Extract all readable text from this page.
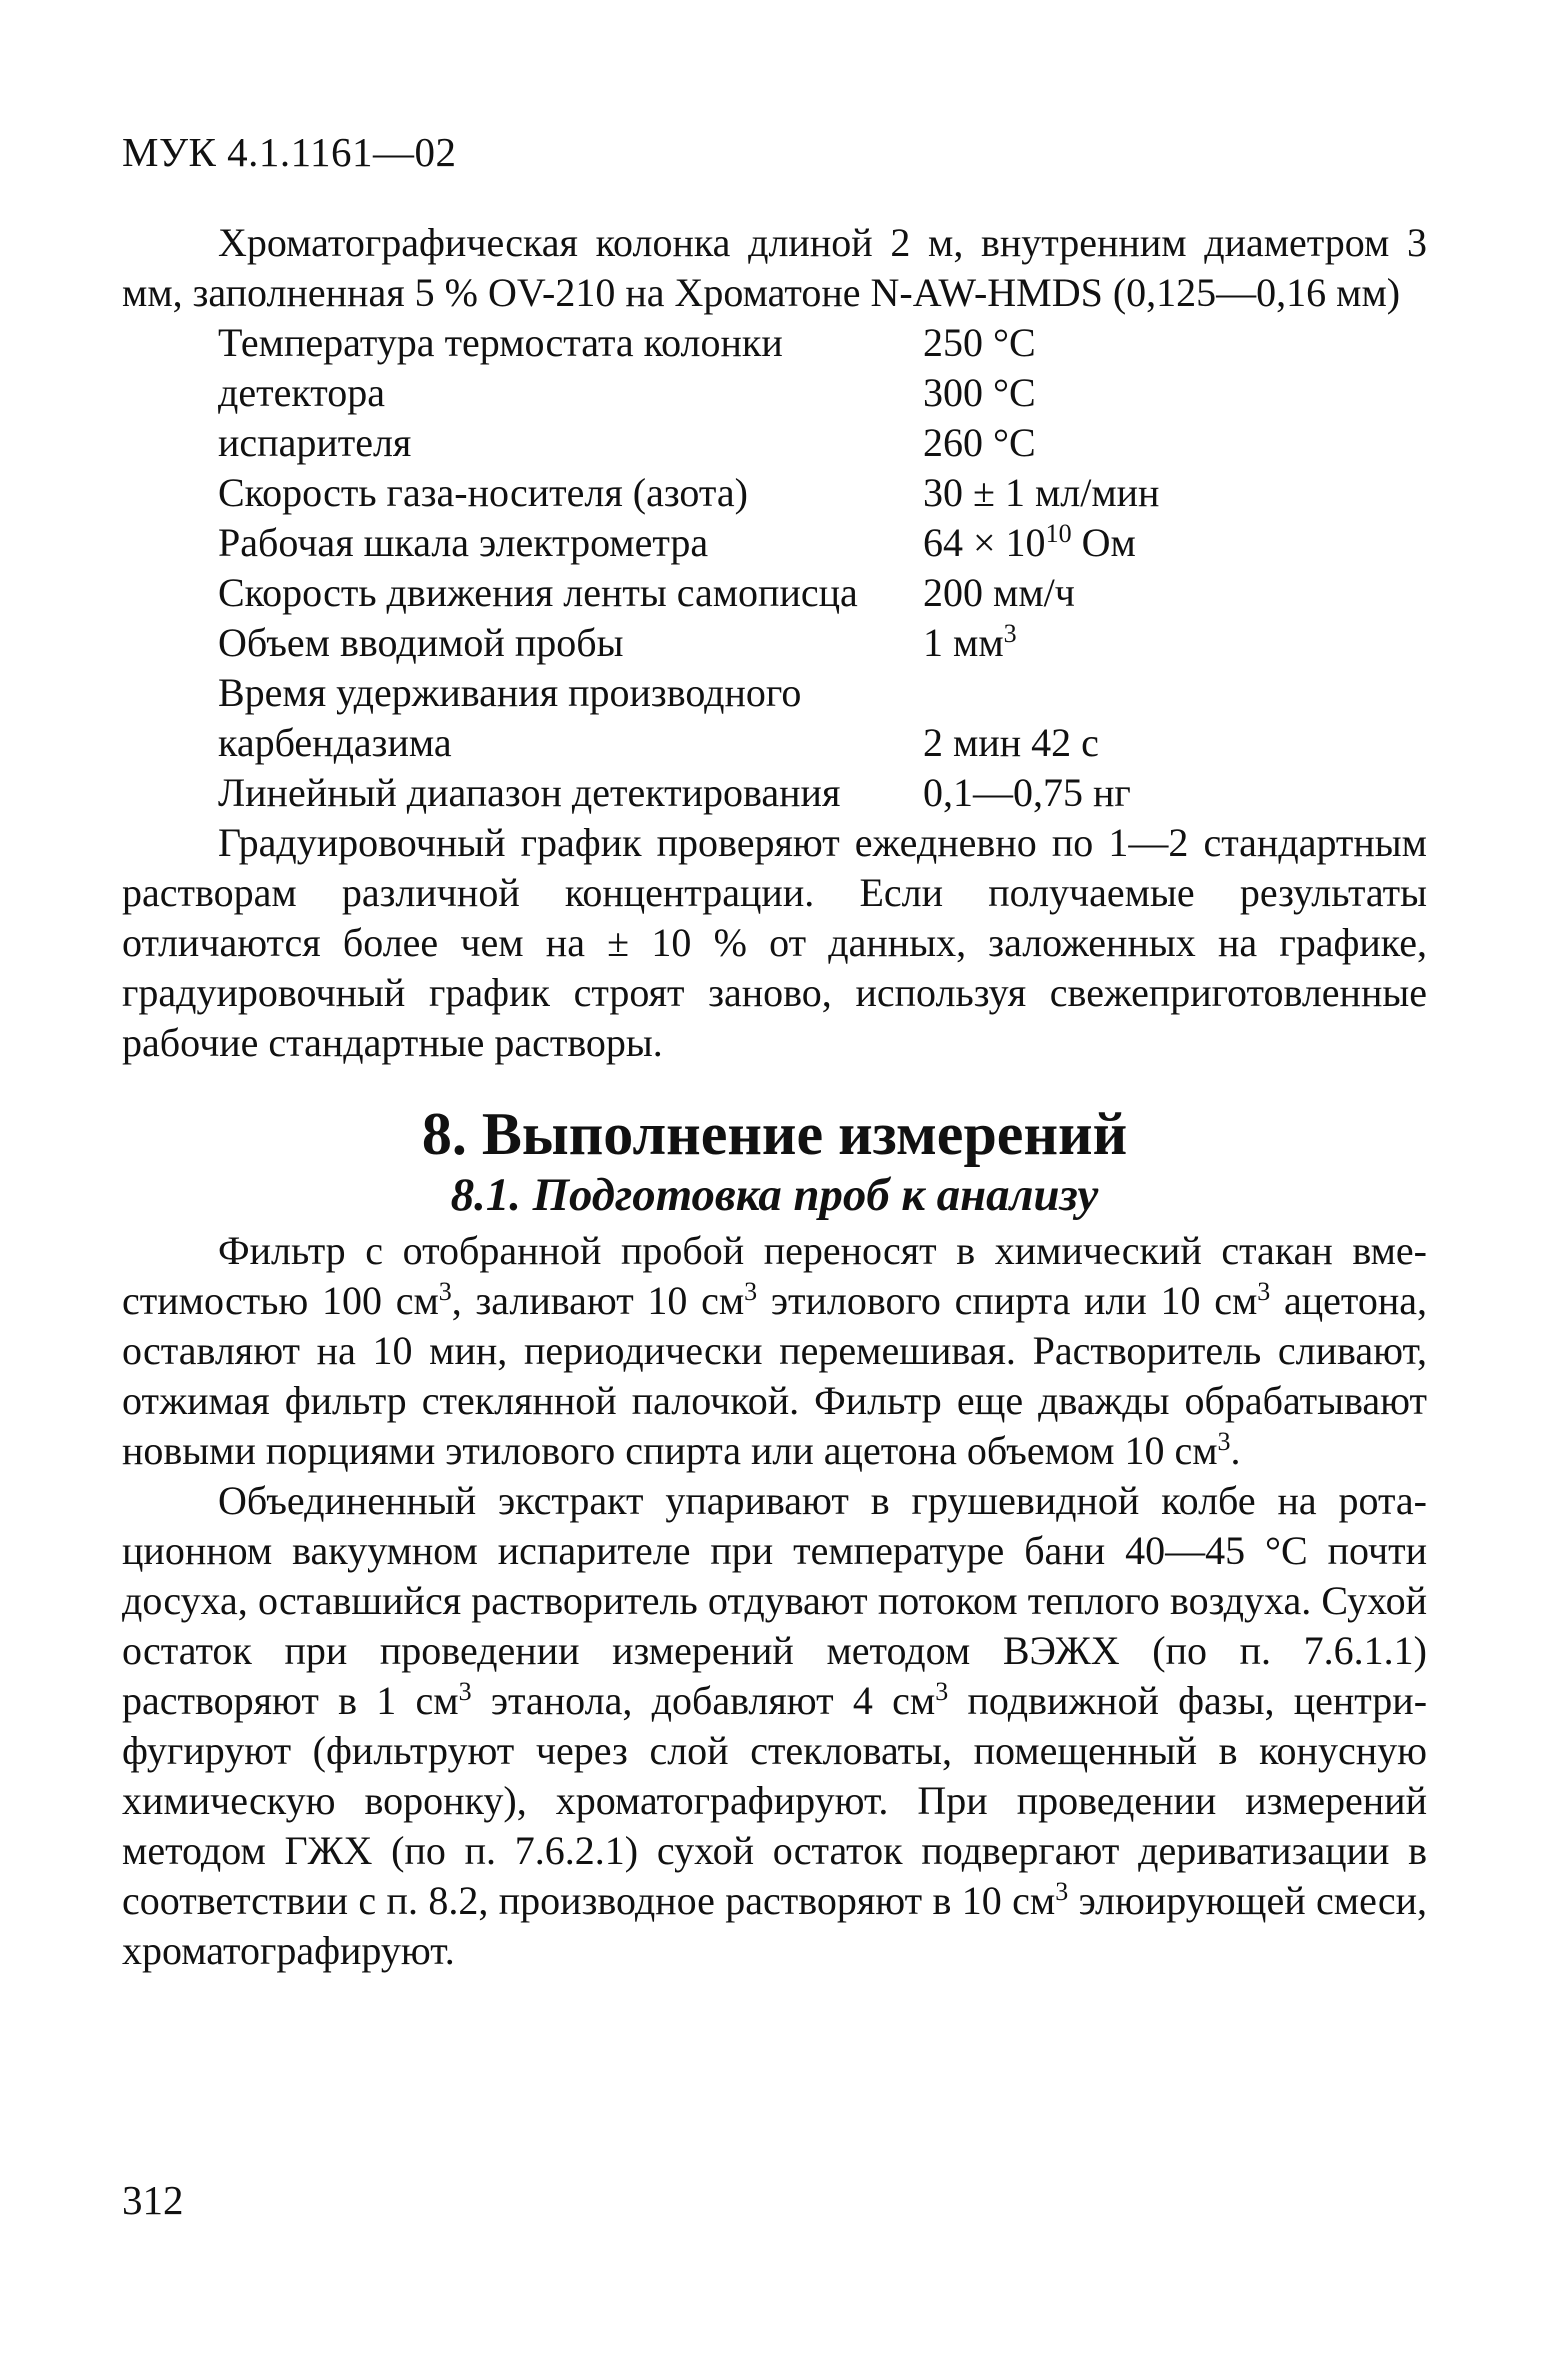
МУК 4.1.1161—02

Хроматографическая колонка длиной 2 м, внутренним диаметром 3 мм, заполненная 5 % OV-210 на Хроматоне N-AW-HMDS (0,125—0,16 мм)

Температура термостата колонки	250 °C
детектора	300 °C
испарителя	260 °C
Скорость газа-носителя (азота)	30 ± 1 мл/мин
Рабочая шкала электрометра	$64 \times 10^{10}$ Ом
Скорость движения ленты самописца	200 мм/ч
Объем вводимой пробы	1 $мм^3$
Время удерживания производного
карбендазима	2 мин 42 с
Линейный диапазон детектирования	0,1—0,75 нг

Градуировочный график проверяют ежедневно по 1—2 стандартным растворам различной концентрации. Если получаемые результаты отличаются более чем на ± 10 % от данных, заложенных на графике, градуировочный график строят заново, используя свежеприготовленные рабочие стандартные растворы.

8. Выполнение измерений
8.1. Подготовка проб к анализу

Фильтр с отобранной пробой переносят в химический стакан вместимостью 100 $см^3$, заливают 10 $см^3$ этилового спирта или 10 $см^3$ ацетона, оставляют на 10 мин, периодически перемешивая. Растворитель сливают, отжимая фильтр стеклянной палочкой. Фильтр еще дважды обрабатывают новыми порциями этилового спирта или ацетона объемом 10 $см^3$.

Объединенный экстракт упаривают в грушевидной колбе на ротационном вакуумном испарителе при температуре бани 40—45 °C почти досуха, оставшийся растворитель отдувают потоком теплого воздуха. Сухой остаток при проведении измерений методом ВЭЖХ (по п. 7.6.1.1) растворяют в 1 $см^3$ этанола, добавляют 4 $см^3$ подвижной фазы, центрифугируют (фильтруют через слой стекловаты, помещенный в конусную химическую воронку), хроматографируют. При проведении измерений методом ГЖХ (по п. 7.6.2.1) сухой остаток подвергают дериватизации в соответствии с п. 8.2, производное растворяют в 10 $см^3$ элюирующей смеси, хроматографируют.

312
